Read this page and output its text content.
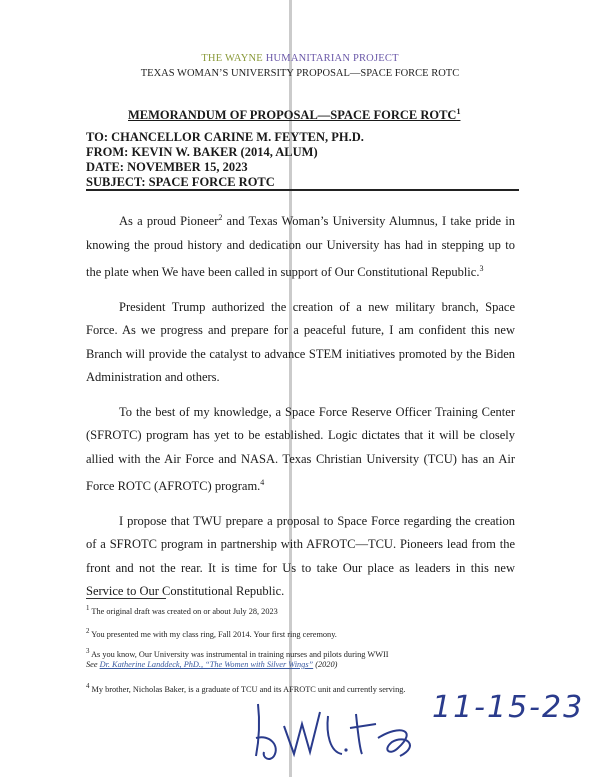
THE WAYNE HUMANITARIAN PROJECT
TEXAS WOMAN’S UNIVERSITY PROPOSAL—SPACE FORCE ROTC
MEMORANDUM OF PROPOSAL—SPACE FORCE ROTC$^1$
TO: CHANCELLOR CARINE M. FEYTEN, PH.D.
FROM: KEVIN W. BAKER (2014, ALUM)
DATE: NOVEMBER 15, 2023
SUBJECT: SPACE FORCE ROTC

As a proud Pioneer$^2$ and Texas Woman’s University Alumnus, I take pride in knowing the proud history and dedication our University has had in stepping up to the plate when We have been called in support of Our Constitutional Republic.$^3$

President Trump authorized the creation of a new military branch, Space Force. As we progress and prepare for a peaceful future, I am confident this new Branch will provide the catalyst to advance STEM initiatives promoted by the Biden Administration and others.

To the best of my knowledge, a Space Force Reserve Officer Training Center (SFROTC) program has yet to be established. Logic dictates that it will be closely allied with the Air Force and NASA. Texas Christian University (TCU) has an Air Force ROTC (AFROTC) program.$^4$

I propose that TWU prepare a proposal to Space Force regarding the creation of a SFROTC program in partnership with AFROTC—TCU. Pioneers lead from the front and not the rear. It is time for Us to take Our place as leaders in this new Service to Our Constitutional Republic.

$^1$ The original draft was created on or about July 28, 2023
$^2$ You presented me with my class ring, Fall 2014. Your first ring ceremony.
$^3$ As you know, Our University was instrumental in training nurses and pilots during WWII
See Dr. Katherine Landdeck, PhD., “The Women with Silver Wings” (2020)
$^4$ My brother, Nicholas Baker, is a graduate of TCU and its AFROTC unit and currently serving.
11-15-23
